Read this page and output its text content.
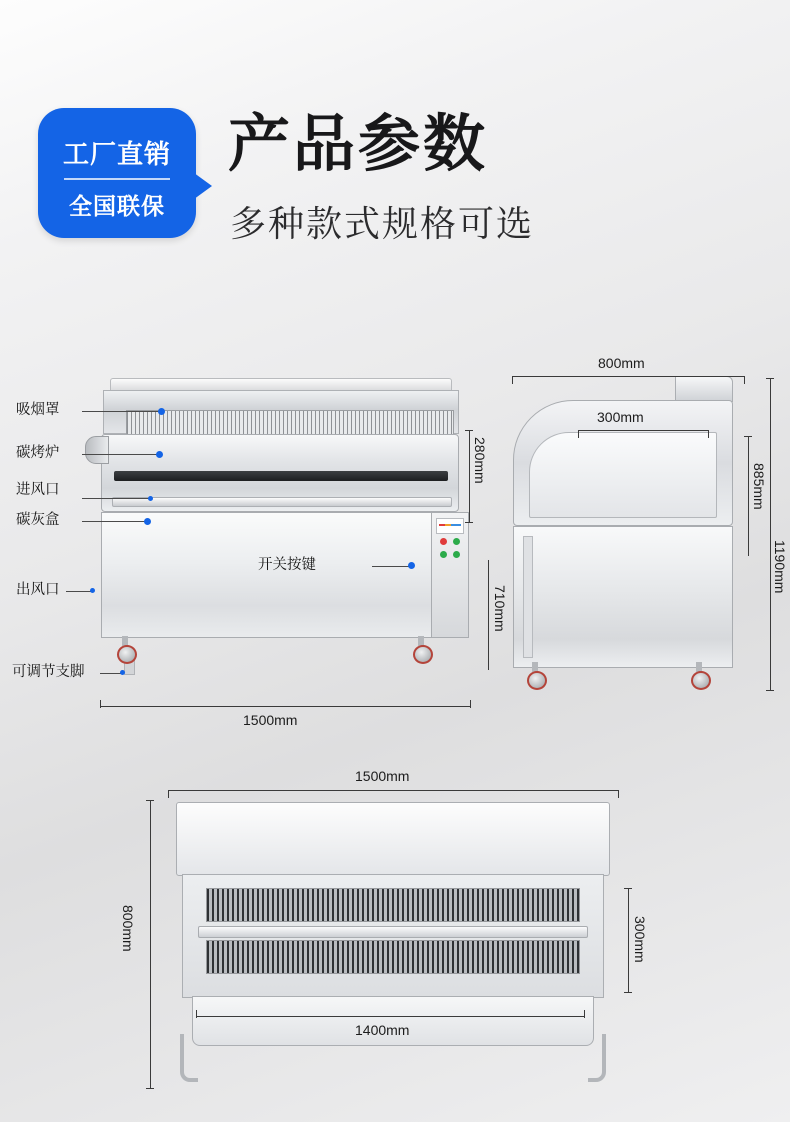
工厂直销
全国联保
产品参数
多种款式规格可选
吸烟罩
碳烤炉
进风口
碳灰盒
出风口
可调节支脚
开关按键
280mm
1500mm
710mm
800mm
300mm
885mm
1190mm
1500mm
800mm	300mm
1400mm
